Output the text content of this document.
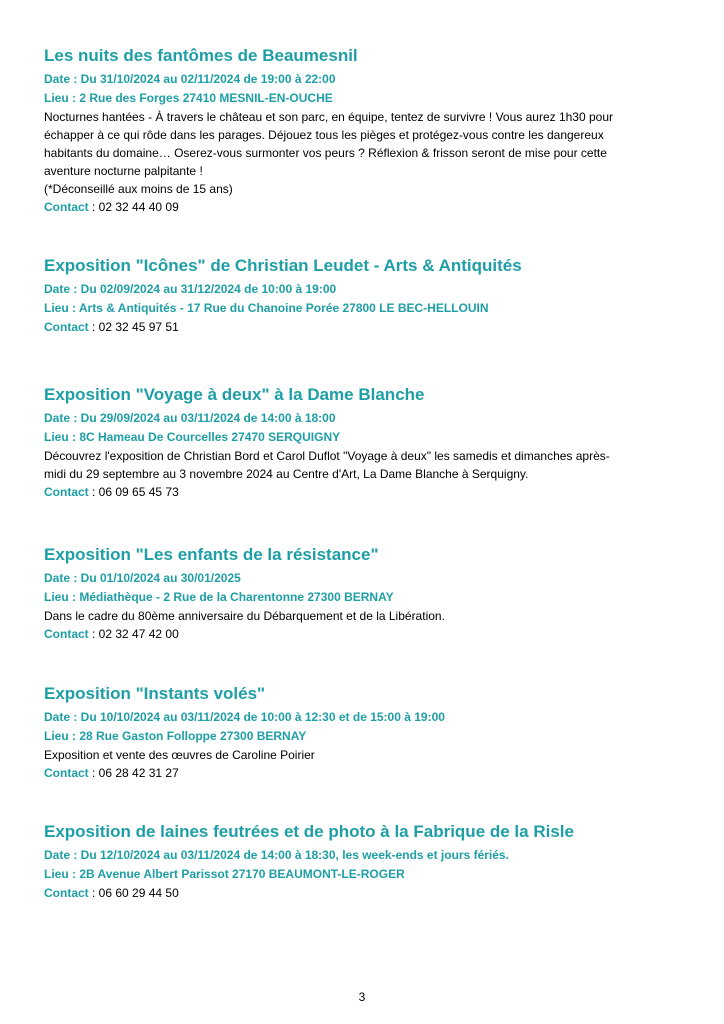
Les nuits des fantômes de Beaumesnil
Date : Du 31/10/2024 au 02/11/2024 de 19:00 à 22:00
Lieu : 2 Rue des Forges 27410 MESNIL-EN-OUCHE
Nocturnes hantées - À travers le château et son parc, en équipe, tentez de survivre ! Vous aurez 1h30 pour
échapper à ce qui rôde dans les parages. Déjouez tous les pièges et protégez-vous contre les dangereux
habitants du domaine… Oserez-vous surmonter vos peurs ? Réflexion & frisson seront de mise pour cette
aventure nocturne palpitante !
(*Déconseillé aux moins de 15 ans)
Contact : 02 32 44 40 09
Exposition "Icônes" de Christian Leudet - Arts & Antiquités
Date : Du 02/09/2024 au 31/12/2024 de 10:00 à 19:00
Lieu : Arts & Antiquités - 17 Rue du Chanoine Porée 27800 LE BEC-HELLOUIN
Contact : 02 32 45 97 51
Exposition "Voyage à deux" à la Dame Blanche
Date : Du 29/09/2024 au 03/11/2024 de 14:00 à 18:00
Lieu : 8C Hameau De Courcelles 27470 SERQUIGNY
Découvrez l'exposition de Christian Bord et Carol Duflot "Voyage à deux" les samedis et dimanches après-
midi du 29 septembre au 3 novembre 2024 au Centre d'Art, La Dame Blanche à Serquigny.
Contact : 06 09 65 45 73
Exposition "Les enfants de la résistance"
Date : Du 01/10/2024 au 30/01/2025
Lieu : Médiathèque - 2 Rue de la Charentonne 27300 BERNAY
Dans le cadre du 80ème anniversaire du Débarquement et de la Libération.
Contact : 02 32 47 42 00
Exposition "Instants volés"
Date : Du 10/10/2024 au 03/11/2024 de 10:00 à 12:30 et de 15:00 à 19:00
Lieu : 28 Rue Gaston Folloppe 27300 BERNAY
Exposition et vente des œuvres de Caroline Poirier
Contact : 06 28 42 31 27
Exposition de laines feutrées et de photo à la Fabrique de la Risle
Date : Du 12/10/2024 au 03/11/2024 de 14:00 à 18:30, les week-ends et jours fériés.
Lieu : 2B Avenue Albert Parissot 27170 BEAUMONT-LE-ROGER
Contact : 06 60 29 44 50
3
